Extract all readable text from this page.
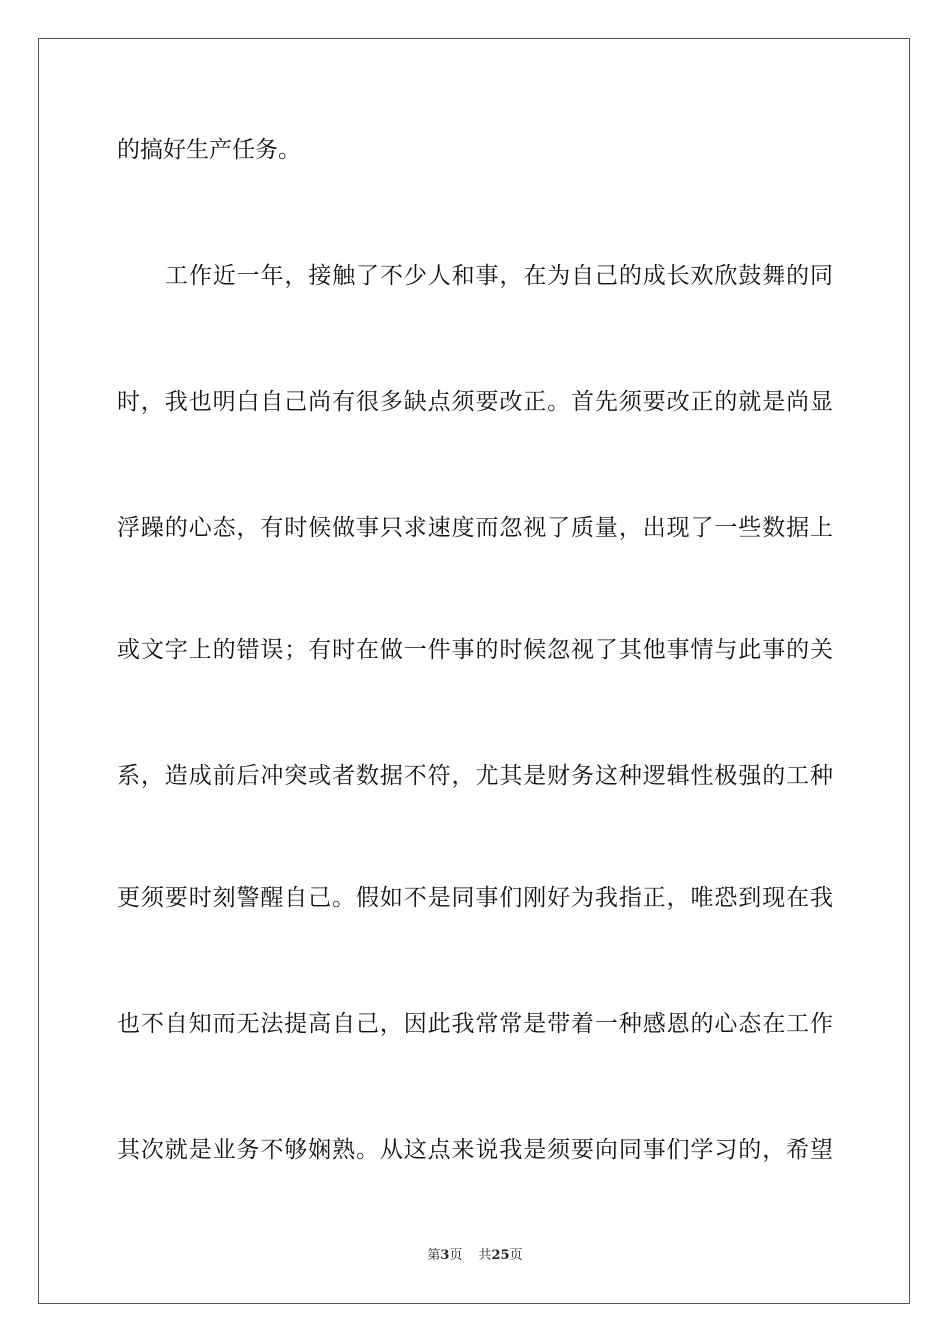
的搞好生产任务。
工作近一年，接触了不少人和事，在为自己的成长欢欣鼓舞的同
时，我也明白自己尚有很多缺点须要改正。首先须要改正的就是尚显
浮躁的心态，有时候做事只求速度而忽视了质量，出现了一些数据上
或文字上的错误；有时在做一件事的时候忽视了其他事情与此事的关
系，造成前后冲突或者数据不符，尤其是财务这种逻辑性极强的工种
更须要时刻警醒自己。假如不是同事们刚好为我指正，唯恐到现在我
也不自知而无法提高自己，因此我常常是带着一种感恩的心态在工作
其次就是业务不够娴熟。从这点来说我是须要向同事们学习的，希望
第3页 共25页
